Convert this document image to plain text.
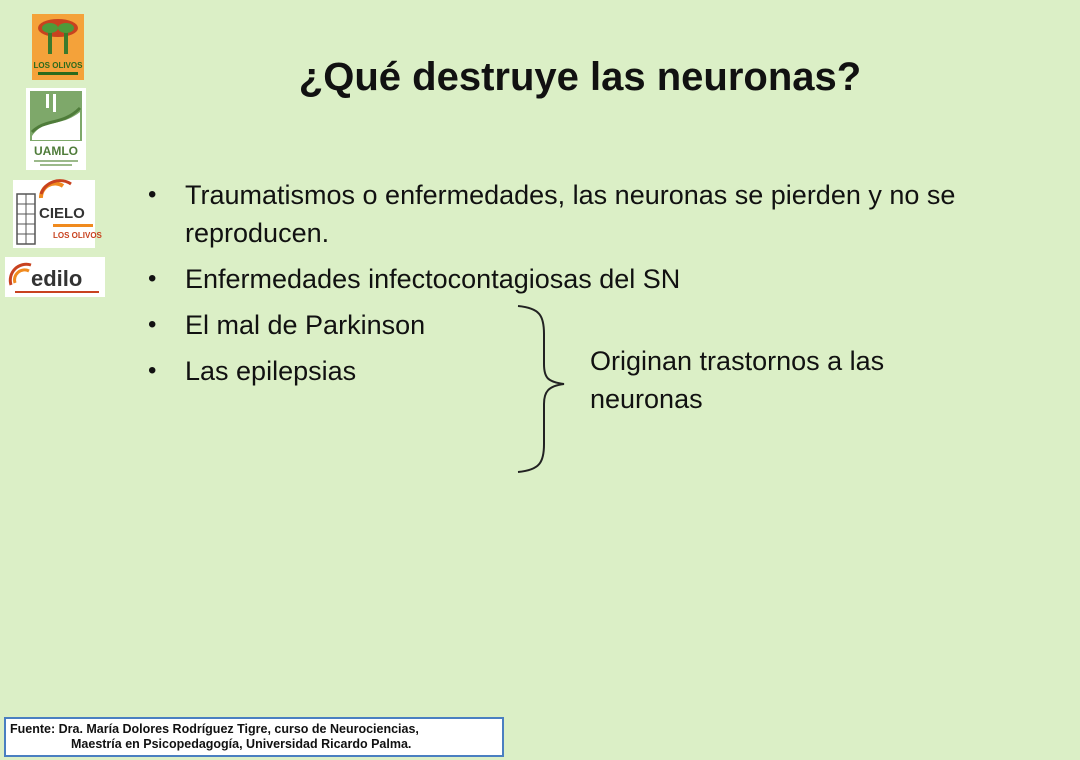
LOS OLIVOS
UAMLO
CIELO
LOS OLIVOS
edilo
¿Qué destruye las neuronas?
• Traumatismos o enfermedades, las neuronas se pierden y no se reproducen.
• Enfermedades infectocontagiosas del SN
• El mal de Parkinson
• Las epilepsias	Originan trastornos a las neuronas
Fuente: Dra. María Dolores Rodríguez Tigre, curso de Neurociencias,
Maestría en Psicopedagogía, Universidad Ricardo Palma.
